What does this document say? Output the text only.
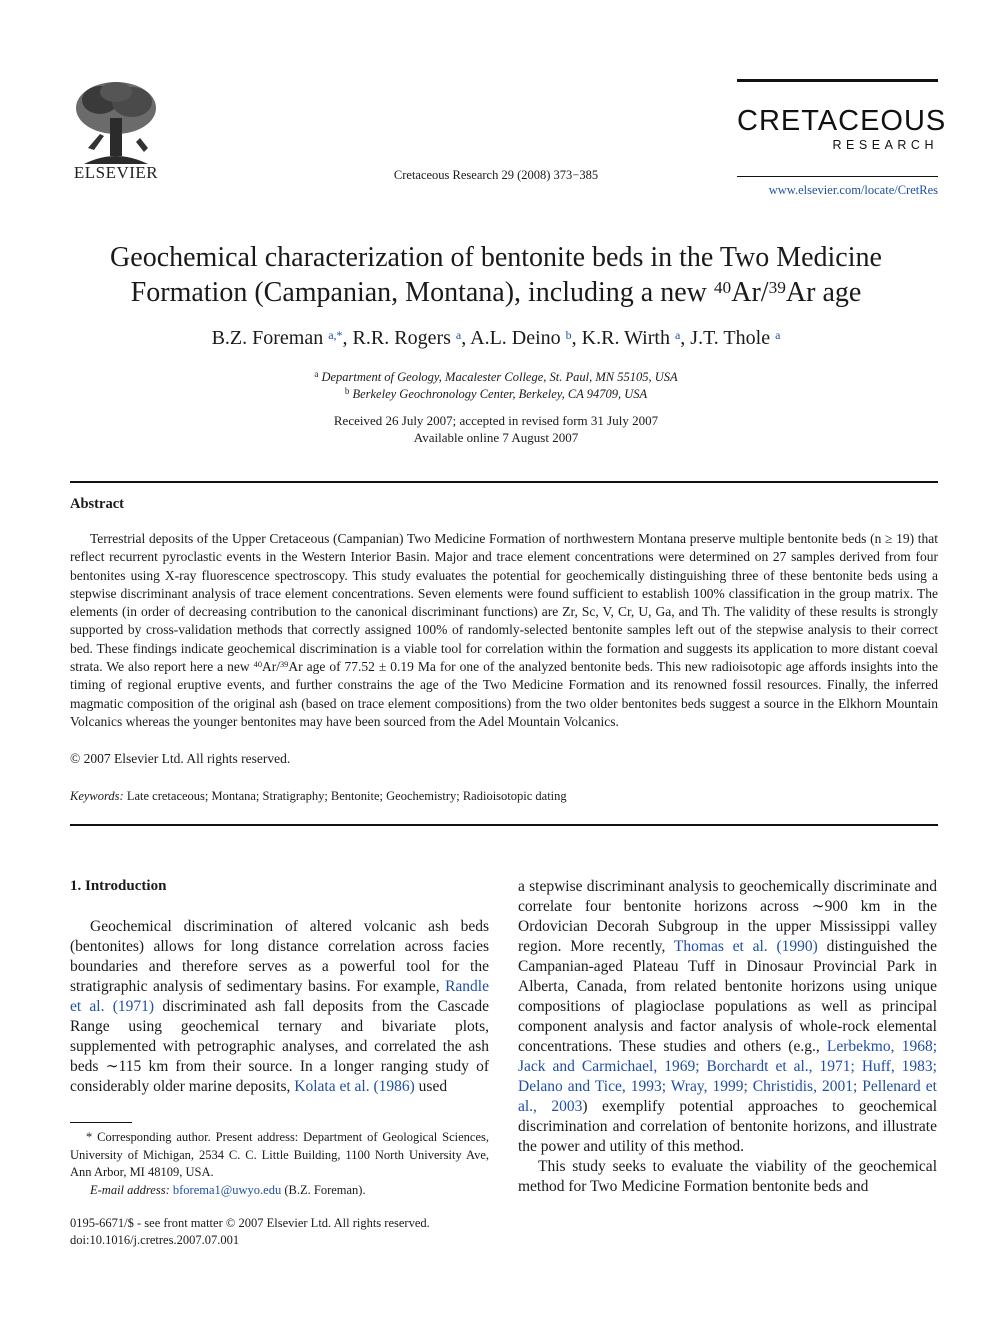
ELSEVIER	Cretaceous Research 29 (2008) 373−385
CRETACEOUS
RESEARCH
www.elsevier.com/locate/CretRes
Geochemical characterization of bentonite beds in the Two Medicine
Formation (Campanian, Montana), including a new $^{40}$Ar/$^{39}$Ar age
B.Z. Foreman $^{a,*}$, R.R. Rogers $^a$, A.L. Deino $^b$, K.R. Wirth $^a$, J.T. Thole $^a$
$^a$ Department of Geology, Macalester College, St. Paul, MN 55105, USA
$^b$ Berkeley Geochronology Center, Berkeley, CA 94709, USA
Received 26 July 2007; accepted in revised form 31 July 2007
Available online 7 August 2007
Abstract

Terrestrial deposits of the Upper Cretaceous (Campanian) Two Medicine Formation of northwestern Montana preserve multiple bentonite beds (n ≥ 19) that reflect recurrent pyroclastic events in the Western Interior Basin. Major and trace element concentrations were determined on 27 samples derived from four bentonites using X-ray fluorescence spectroscopy. This study evaluates the potential for geochemically distinguishing three of these bentonite beds using a stepwise discriminant analysis of trace element concentrations. Seven elements were found sufficient to establish 100% classification in the group matrix. The elements (in order of decreasing contribution to the canonical discriminant functions) are Zr, Sc, V, Cr, U, Ga, and Th. The validity of these results is strongly supported by cross-validation methods that correctly assigned 100% of randomly-selected bentonite samples left out of the stepwise analysis to their correct bed. These findings indicate geochemical discrimination is a viable tool for correlation within the formation and suggests its application to more distant coeval strata. We also report here a new $^{40}$Ar/$^{39}$Ar age of 77.52 ± 0.19 Ma for one of the analyzed bentonite beds. This new radioisotopic age affords insights into the timing of regional eruptive events, and further constrains the age of the Two Medicine Formation and its renowned fossil resources. Finally, the inferred magmatic composition of the original ash (based on trace element compositions) from the two older bentonites beds suggest a source in the Elkhorn Mountain Volcanics whereas the younger bentonites may have been sourced from the Adel Mountain Volcanics.

© 2007 Elsevier Ltd. All rights reserved.
Keywords: Late cretaceous; Montana; Stratigraphy; Bentonite; Geochemistry; Radioisotopic dating
1. Introduction

Geochemical discrimination of altered volcanic ash beds (bentonites) allows for long distance correlation across facies boundaries and therefore serves as a powerful tool for the stratigraphic analysis of sedimentary basins. For example, Randle et al. (1971) discriminated ash fall deposits from the Cascade Range using geochemical ternary and bivariate plots, supplemented with petrographic analyses, and correlated the ash beds ∼115 km from their source. In a longer ranging study of considerably older marine deposits, Kolata et al. (1986) used

a stepwise discriminant analysis to geochemically discriminate and correlate four bentonite horizons across ∼900 km in the Ordovician Decorah Subgroup in the upper Mississippi valley region. More recently, Thomas et al. (1990) distinguished the Campanian-aged Plateau Tuff in Dinosaur Provincial Park in Alberta, Canada, from related bentonite horizons using unique compositions of plagioclase populations as well as principal component analysis and factor analysis of whole-rock elemental concentrations. These studies and others (e.g., Lerbekmo, 1968; Jack and Carmichael, 1969; Borchardt et al., 1971; Huff, 1983; Delano and Tice, 1993; Wray, 1999; Christidis, 2001; Pellenard et al., 2003) exemplify potential approaches to geochemical discrimination and correlation of bentonite horizons, and illustrate the power and utility of this method.

This study seeks to evaluate the viability of the geochemical method for Two Medicine Formation bentonite beds and

* Corresponding author. Present address: Department of Geological Sciences, University of Michigan, 2534 C. C. Little Building, 1100 North University Ave, Ann Arbor, MI 48109, USA.

E-mail address: bforema1@uwyo.edu (B.Z. Foreman).

0195-6671/$ - see front matter © 2007 Elsevier Ltd. All rights reserved.
doi:10.1016/j.cretres.2007.07.001
